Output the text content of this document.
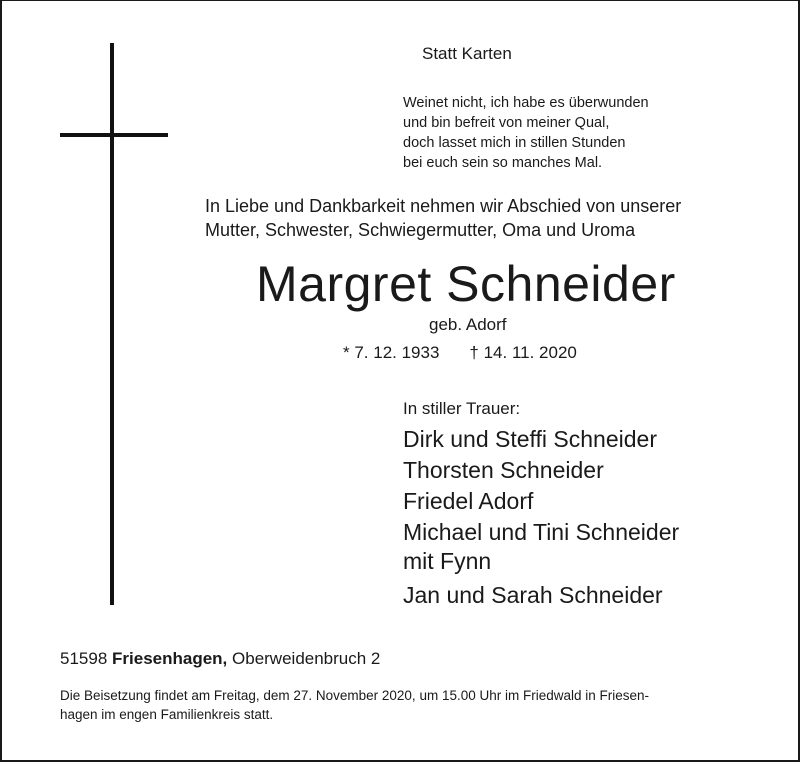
Statt Karten
Weinet nicht, ich habe es überwunden
und bin befreit von meiner Qual,
doch lasset mich in stillen Stunden
bei euch sein so manches Mal.
In Liebe und Dankbarkeit nehmen wir Abschied von unserer
Mutter, Schwester, Schwiegermutter, Oma und Uroma
Margret Schneider
geb. Adorf
* 7. 12. 1933 † 14. 11. 2020
In stiller Trauer:
Dirk und Steffi Schneider
Thorsten Schneider
Friedel Adorf
Michael und Tini Schneider
mit Fynn
Jan und Sarah Schneider
51598 Friesenhagen, Oberweidenbruch 2
Die Beisetzung findet am Freitag, dem 27. November 2020, um 15.00 Uhr im Friedwald in Friesen-
hagen im engen Familienkreis statt.
